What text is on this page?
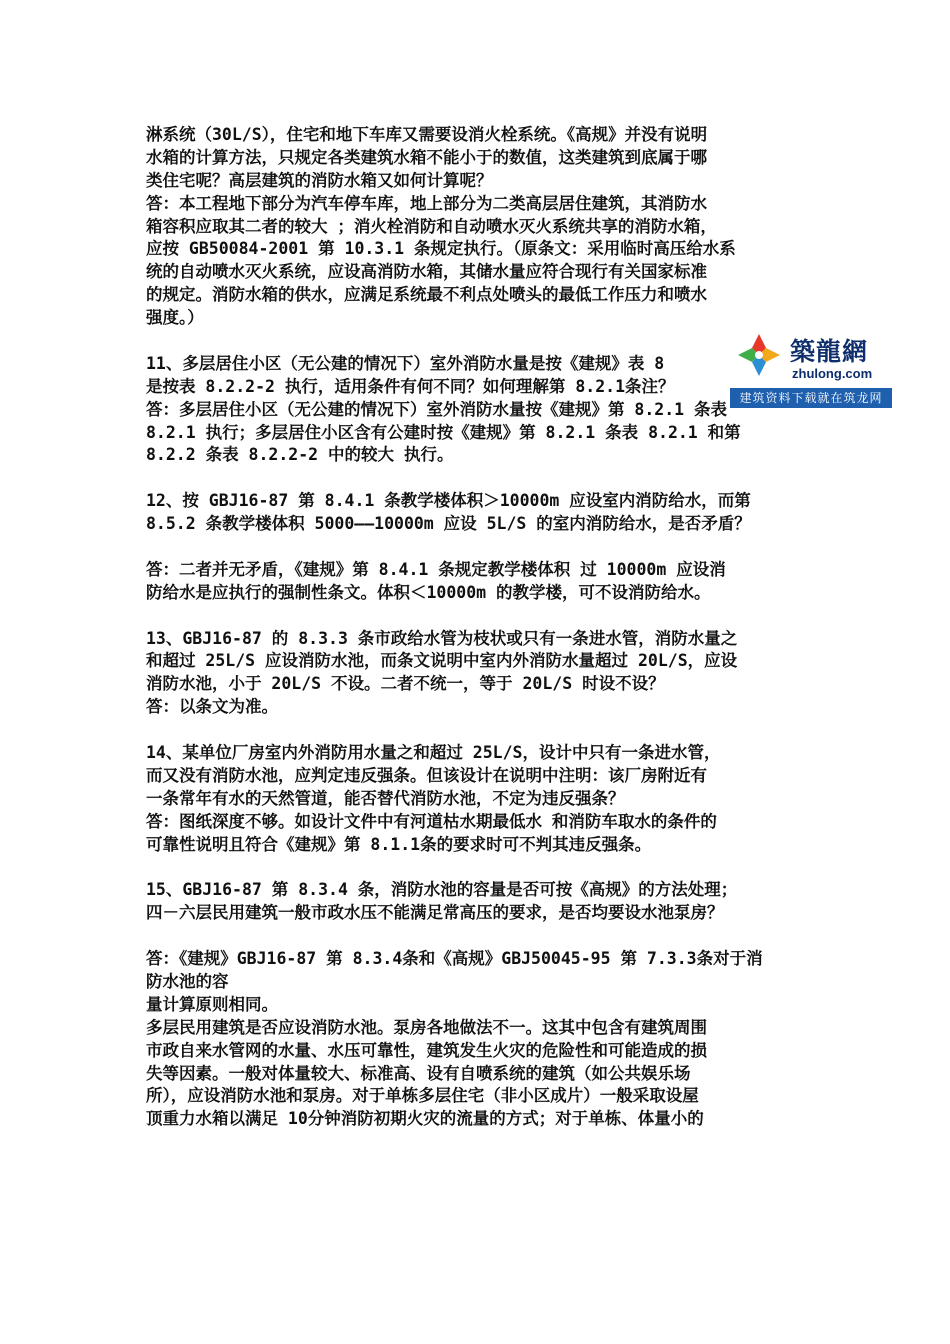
淋系统（30L/S），住宅和地下车库又需要设消火栓系统。《高规》并没有说明
水箱的计算方法，只规定各类建筑水箱不能小于的数值，这类建筑到底属于哪
类住宅呢？高层建筑的消防水箱又如何计算呢？
答：本工程地下部分为汽车停车库，地上部分为二类高层居住建筑，其消防水
箱容积应取其二者的较大 ；消火栓消防和自动喷水灭火系统共享的消防水箱，
应按 GB50084-2001 第 10.3.1 条规定执行。（原条文：采用临时高压给水系
统的自动喷水灭火系统，应设高消防水箱，其储水量应符合现行有关国家标准
的规定。消防水箱的供水，应满足系统最不利点处喷头的最低工作压力和喷水
强度。）
11、多层居住小区（无公建的情况下）室外消防水量是按《建规》表 8
是按表 8.2.2-2 执行，适用条件有何不同？如何理解第 8.2.1条注？
答：多层居住小区（无公建的情况下）室外消防水量按《建规》第 8.2.1 条表
8.2.1 执行；多层居住小区含有公建时按《建规》第 8.2.1 条表 8.2.1 和第
8.2.2 条表 8.2.2-2 中的较大 执行。
12、按 GBJ16-87 第 8.4.1 条教学楼体积＞10000m 应设室内消防给水，而第
8.5.2 条教学楼体积 5000——10000m 应设 5L/S 的室内消防给水，是否矛盾？
答：二者并无矛盾，《建规》第 8.4.1 条规定教学楼体积 过 10000m 应设消
防给水是应执行的强制性条文。体积＜10000m 的教学楼，可不设消防给水。
13、GBJ16-87 的 8.3.3 条市政给水管为枝状或只有一条进水管，消防水量之
和超过 25L/S 应设消防水池，而条文说明中室内外消防水量超过 20L/S，应设
消防水池，小于 20L/S 不设。二者不统一，等于 20L/S 时设不设？
答：以条文为准。
14、某单位厂房室内外消防用水量之和超过 25L/S，设计中只有一条进水管，
而又没有消防水池，应判定违反强条。但该设计在说明中注明：该厂房附近有
一条常年有水的天然管道，能否替代消防水池，不定为违反强条？
答：图纸深度不够。如设计文件中有河道枯水期最低水 和消防车取水的条件的
可靠性说明且符合《建规》第 8.1.1条的要求时可不判其违反强条。
15、GBJ16-87 第 8.3.4 条，消防水池的容量是否可按《高规》的方法处理；
四－六层民用建筑一般市政水压不能满足常高压的要求，是否均要设水池泵房？
答：《建规》GBJ16-87 第 8.3.4条和《高规》GBJ50045-95 第 7.3.3条对于消
防水池的容
量计算原则相同。
多层民用建筑是否应设消防水池。泵房各地做法不一。这其中包含有建筑周围
市政自来水管网的水量、水压可靠性，建筑发生火灾的危险性和可能造成的损
失等因素。一般对体量较大、标准高、设有自喷系统的建筑（如公共娱乐场
所），应设消防水池和泵房。对于单栋多层住宅（非小区成片）一般采取设屋
顶重力水箱以满足 10分钟消防初期火灾的流量的方式；对于单栋、体量小的
築龍網
zhulong.com
建筑资料下载就在筑龙网
